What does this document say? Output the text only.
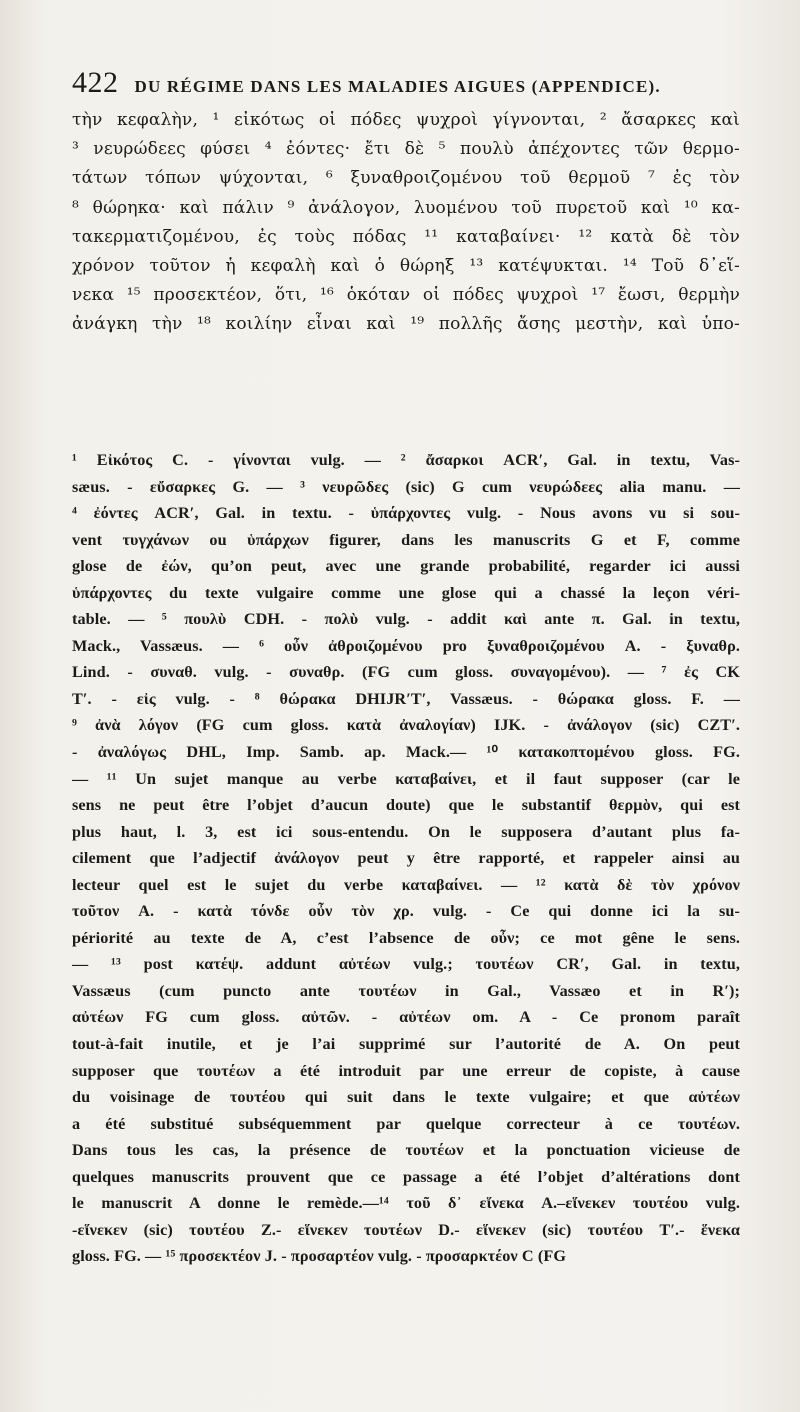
422 DU RÉGIME DANS LES MALADIES AIGUES (APPENDICE).
τὴν κεφαλὴν, ¹ εἰκότως οἱ πόδες ψυχροὶ γίγνονται, ² ἄσαρκες καὶ
³ νευρώδεες φύσει ⁴ ἐόντες· ἔτι δὲ ⁵ πουλὺ ἀπέχοντες τῶν θερμο-
τάτων τόπων ψύχονται, ⁶ ξυναθροιζομένου τοῦ θερμοῦ ⁷ ἐς τὸν
⁸ θώρηκα· καὶ πάλιν ⁹ ἀνάλογον, λυομένου τοῦ πυρετοῦ καὶ ¹⁰ κα-
τακερματιζομένου, ἐς τοὺς πόδας ¹¹ καταβαίνει· ¹² κατὰ δὲ τὸν
χρόνον τοῦτον ἡ κεφαλὴ καὶ ὁ θώρηξ ¹³ κατέψυκται. ¹⁴ Τοῦ δ᾽εἵ-
νεκα ¹⁵ προσεκτέον, ὅτι, ¹⁶ ὁκόταν οἱ πόδες ψυχροὶ ¹⁷ ἔωσι, θερμὴν
ἀνάγκη τὴν ¹⁸ κοιλίην εἶναι καὶ ¹⁹ πολλῆς ἄσης μεστὴν, καὶ ὑπο-
¹ Εἰκότος C. - γίνονται vulg. — ² ἄσαρκοι ACR′, Gal. in textu, Vas-
sæus. - εὔσαρκες G. — ³ νευρῶδες (sic) G cum νευρώδεες alia manu. —
⁴ ἐόντες ACR′, Gal. in textu. - ὑπάρχοντες vulg. - Nous avons vu si sou-
vent τυγχάνων ou ὑπάρχων figurer, dans les manuscrits G et F, comme
glose de ἐών, qu’on peut, avec une grande probabilité, regarder ici aussi
ὑπάρχοντες du texte vulgaire comme une glose qui a chassé la leçon véri-
table. — ⁵ πουλὺ CDH. - πολὺ vulg. - addit καὶ ante π. Gal. in textu,
Mack., Vassæus. — ⁶ οὖν ἀθροιζομένου pro ξυναθροιζομένου A. - ξυναθρ.
Lind. - συναθ. vulg. - συναθρ. (FG cum gloss. συναγομένου). — ⁷ ἐς CK
T′. - εἰς vulg. - ⁸ θώρακα DHIJR′T′, Vassæus. - θώρακα gloss. F. —
⁹ ἀνὰ λόγον (FG cum gloss. κατὰ ἀναλογίαν) IJK. - ἀνάλογον (sic) CZT′.
- ἀναλόγως DHL, Imp. Samb. ap. Mack.— ¹⁰ κατακοπτομένου gloss. FG.
— ¹¹ Un sujet manque au verbe καταβαίνει, et il faut supposer (car le
sens ne peut être l’objet d’aucun doute) que le substantif θερμὸν, qui est
plus haut, l. 3, est ici sous-entendu. On le supposera d’autant plus fa-
cilement que l’adjectif ἀνάλογον peut y être rapporté, et rappeler ainsi au
lecteur quel est le sujet du verbe καταβαίνει. — ¹² κατὰ δὲ τὸν χρόνον
τοῦτον A. - κατὰ τόνδε οὖν τὸν χρ. vulg. - Ce qui donne ici la su-
périorité au texte de A, c’est l’absence de οὖν; ce mot gêne le sens.
— ¹³ post κατέψ. addunt αὐτέων vulg.; τουτέων CR′, Gal. in textu,
Vassæus (cum puncto ante τουτέων in Gal., Vassæo et in R′);
αὐτέων FG cum gloss. αὐτῶν. - αὐτέων om. A - Ce pronom paraît
tout-à-fait inutile, et je l’ai supprimé sur l’autorité de A. On peut
supposer que τουτέων a été introduit par une erreur de copiste, à cause
du voisinage de τουτέου qui suit dans le texte vulgaire; et que αὐτέων
a été substitué subséquemment par quelque correcteur à ce τουτέων.
Dans tous les cas, la présence de τουτέων et la ponctuation vicieuse de
quelques manuscrits prouvent que ce passage a été l’objet d’altérations dont
le manuscrit A donne le remède.—¹⁴ τοῦ δ᾽ εἵνεκα A.–εἵνεκεν τουτέου vulg.
-εἵνεκεν (sic) τουτέου Z.- εἵνεκεν τουτέων D.- εἵνεκεν (sic) τουτέου T′.- ἕνεκα
gloss. FG. — ¹⁵ προσεκτέον J. - προσαρτέον vulg. - προσαρκτέον C (FG
